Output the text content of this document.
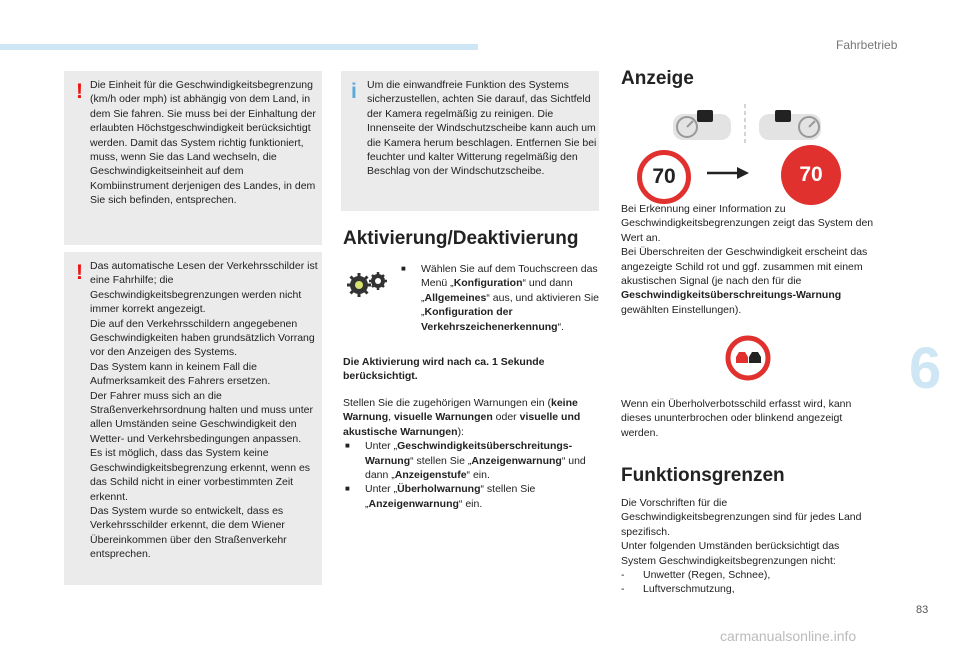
Fahrbetrieb
! Die Einheit für die Geschwindigkeitsbegrenzung (km/h oder mph) ist abhängig von dem Land, in dem Sie fahren. Sie muss bei der Einhaltung der erlaubten Höchstgeschwindigkeit berücksichtigt werden. Damit das System richtig funktioniert, muss, wenn Sie das Land wechseln, die Geschwindigkeitseinheit auf dem Kombiinstrument derjenigen des Landes, in dem Sie sich befinden, entsprechen.
! Das automatische Lesen der Verkehrsschilder ist eine Fahrhilfe; die Geschwindigkeitsbegrenzungen werden nicht immer korrekt angezeigt.
Die auf den Verkehrsschildern angegebenen Geschwindigkeiten haben grundsätzlich Vorrang vor den Anzeigen des Systems.
Das System kann in keinem Fall die Aufmerksamkeit des Fahrers ersetzen.
Der Fahrer muss sich an die Straßenverkehrsordnung halten und muss unter allen Umständen seine Geschwindigkeit den Wetter- und Verkehrsbedingungen anpassen.
Es ist möglich, dass das System keine Geschwindigkeitsbegrenzung erkennt, wenn es das Schild nicht in einer vorbestimmten Zeit erkennt.
Das System wurde so entwickelt, dass es Verkehrsschilder erkennt, die dem Wiener Übereinkommen über den Straßenverkehr entsprechen.
i Um die einwandfreie Funktion des Systems sicherzustellen, achten Sie darauf, das Sichtfeld der Kamera regelmäßig zu reinigen. Die Innenseite der Windschutzscheibe kann auch um die Kamera herum beschlagen. Entfernen Sie bei feuchter und kalter Witterung regelmäßig den Beschlag von der Windschutzscheibe.
Aktivierung/Deaktivierung
■ Wählen Sie auf dem Touchscreen das Menü „Konfiguration“ und dann „Allgemeines“ aus, und aktivieren Sie „Konfiguration der Verkehrszeichenerkennung“.
Die Aktivierung wird nach ca. 1 Sekunde berücksichtigt.
Stellen Sie die zugehörigen Warnungen ein (keine Warnung, visuelle Warnungen oder visuelle und akustische Warnungen):
■ Unter „Geschwindigkeitsüberschreitungs-Warnung“ stellen Sie „Anzeigenwarnung“ und dann „Anzeigenstufe“ ein.
■ Unter „Überholwarnung“ stellen Sie „Anzeigenwarnung“ ein.
Anzeige
70	70
Bei Erkennung einer Information zu Geschwindigkeitsbegrenzungen zeigt das System den Wert an.
Bei Überschreiten der Geschwindigkeit erscheint das angezeigte Schild rot und ggf. zusammen mit einem akustischen Signal (je nach den für die Geschwindigkeitsüberschreitungs-Warnung gewählten Einstellungen).
Wenn ein Überholverbotsschild erfasst wird, kann dieses ununterbrochen oder blinkend angezeigt werden.
Funktionsgrenzen
Die Vorschriften für die Geschwindigkeitsbegrenzungen sind für jedes Land spezifisch.
Unter folgenden Umständen berücksichtigt das System Geschwindigkeitsbegrenzungen nicht:
- Unwetter (Regen, Schnee),
- Luftverschmutzung,
6
83
carmanualsonline.info
